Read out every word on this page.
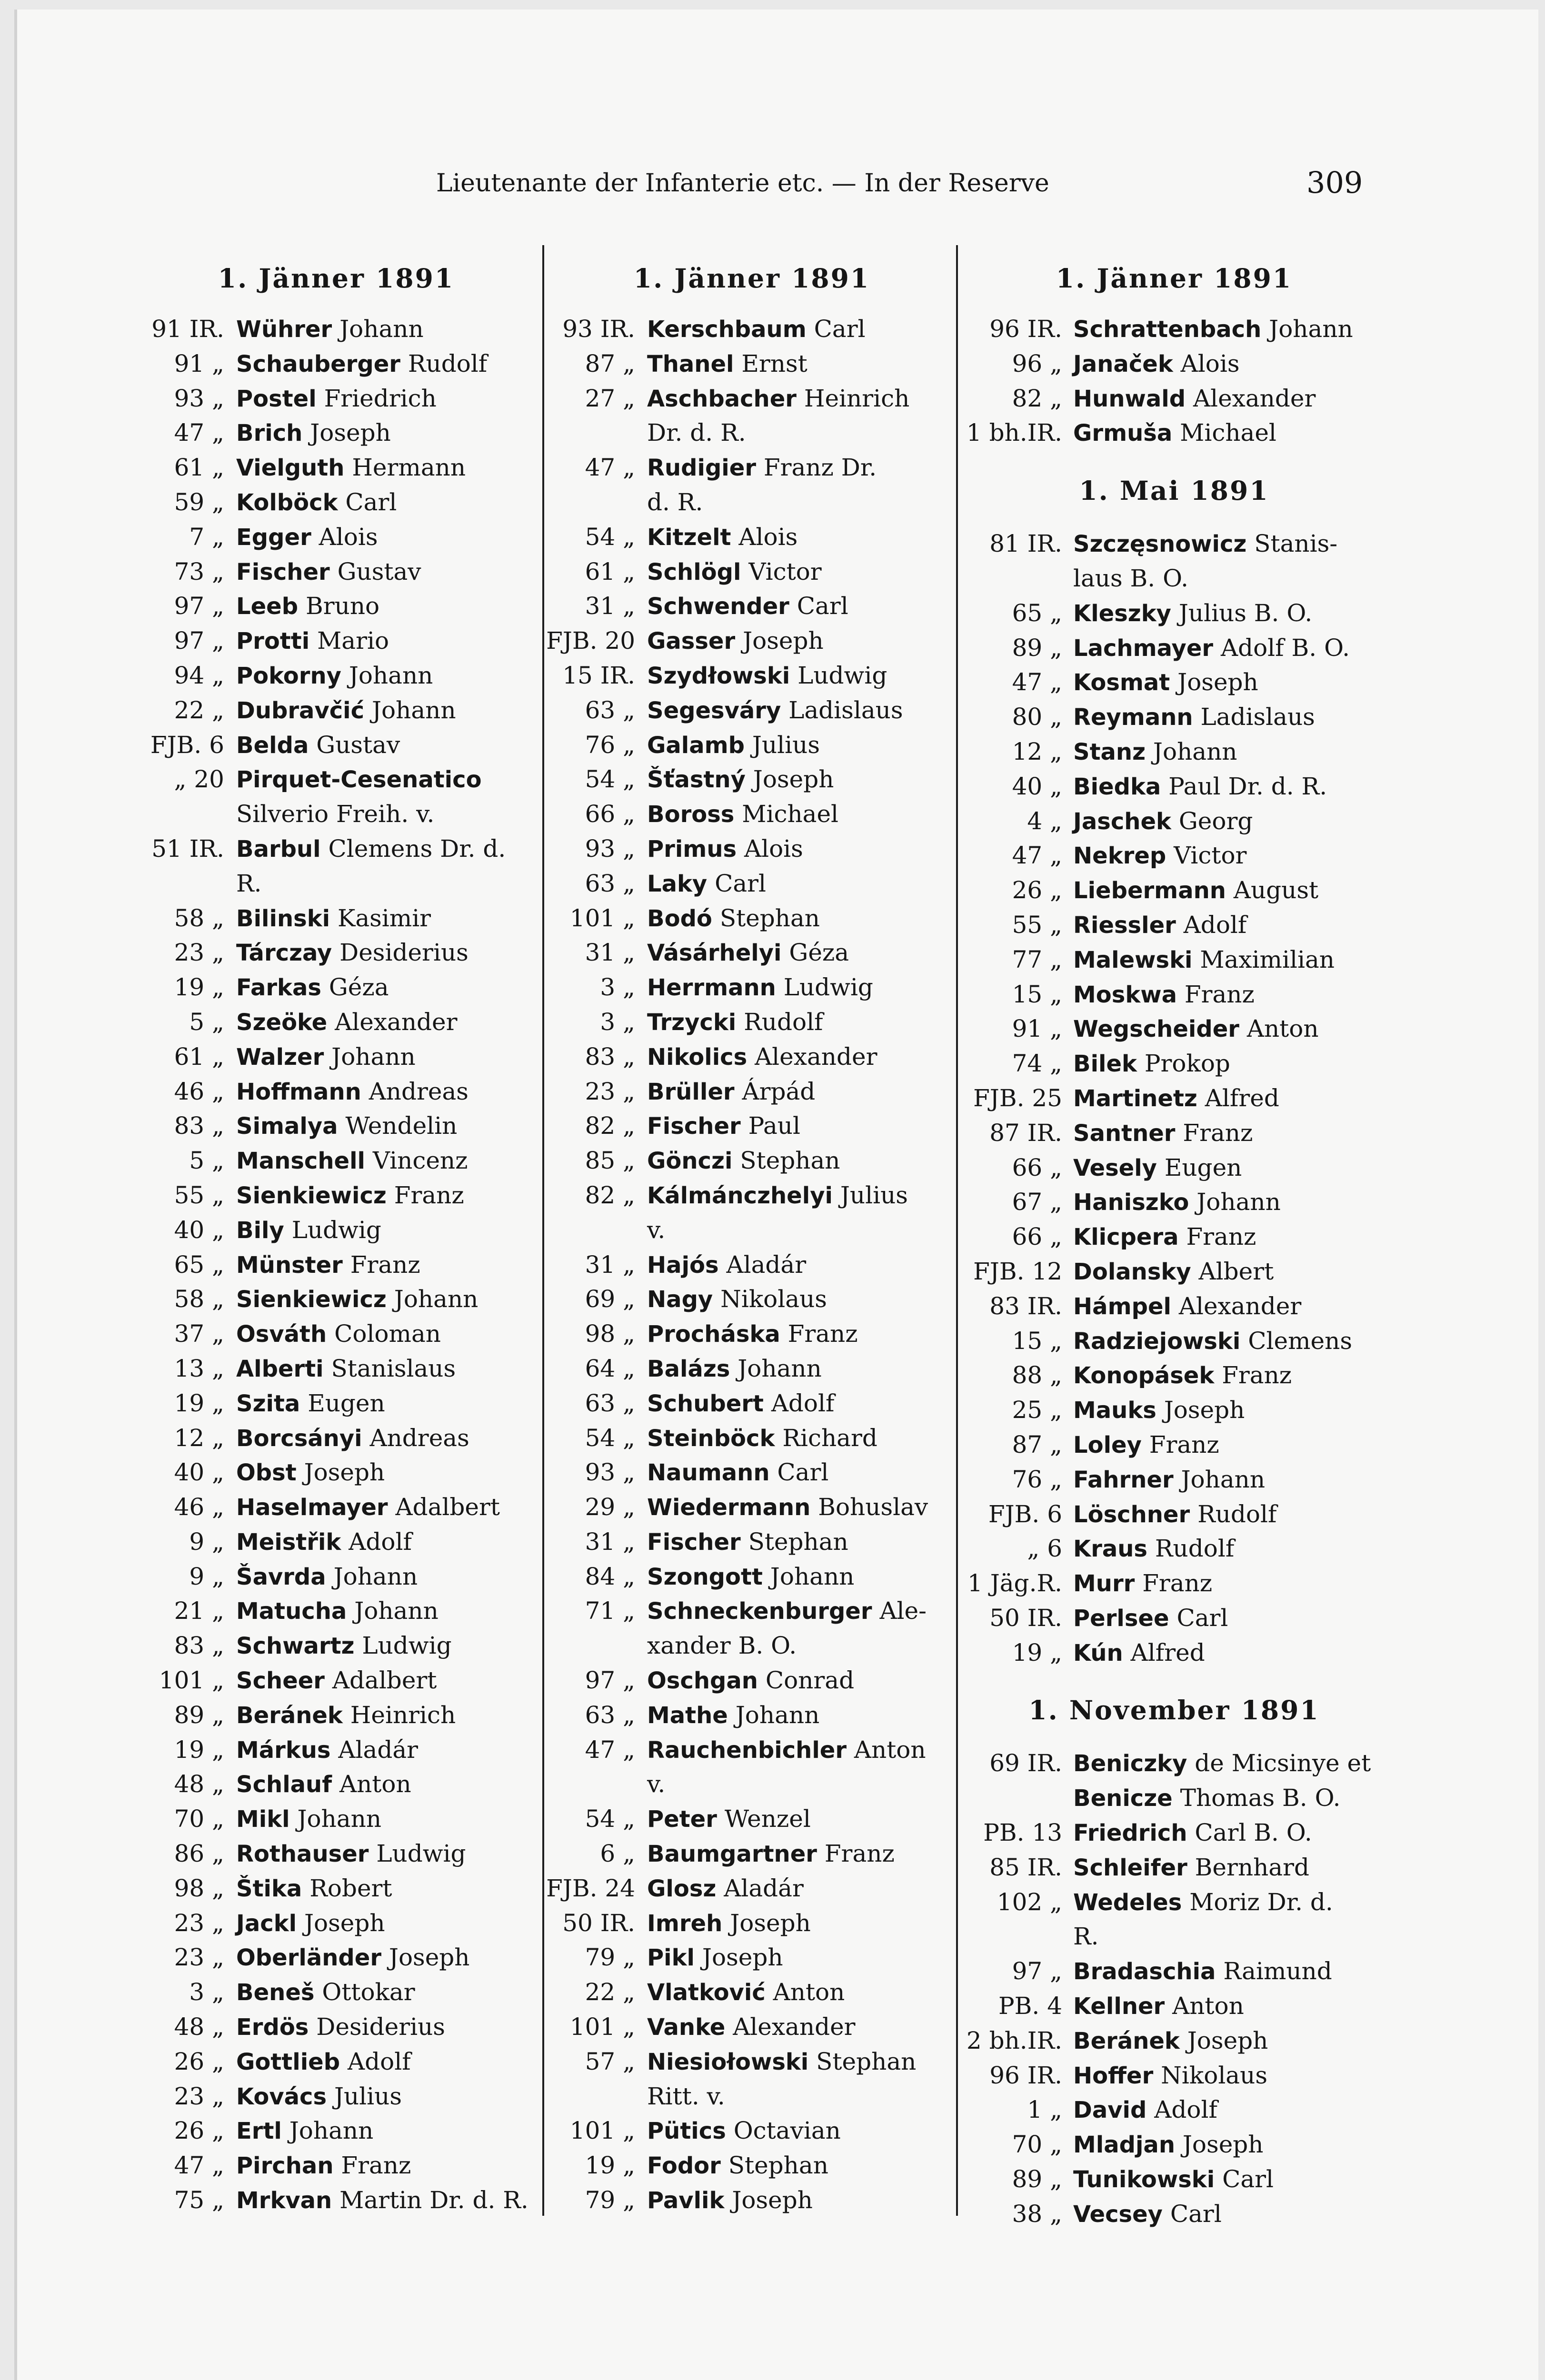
Lieutenante der Infanterie etc. — In der Reserve	309
1. Jänner 1891
91 IR. Wührer Johann
91 „ Schauberger Rudolf
93 „ Postel Friedrich
47 „ Brich Joseph
61 „ Vielguth Hermann
59 „ Kolböck Carl
7 „ Egger Alois
73 „ Fischer Gustav
97 „ Leeb Bruno
97 „ Protti Mario
94 „ Pokorny Johann
22 „ Dubravčić Johann
FJB. 6 Belda Gustav
„ 20 Pirquet-Cesenatico
Silverio Freih. v.
51 IR. Barbul Clemens Dr. d.
R.
58 „ Bilinski Kasimir
23 „ Tárczay Desiderius
19 „ Farkas Géza
5 „ Szeöke Alexander
61 „ Walzer Johann
46 „ Hoffmann Andreas
83 „ Simalya Wendelin
5 „ Manschell Vincenz
55 „ Sienkiewicz Franz
40 „ Bily Ludwig
65 „ Münster Franz
58 „ Sienkiewicz Johann
37 „ Osváth Coloman
13 „ Alberti Stanislaus
19 „ Szita Eugen
12 „ Borcsányi Andreas
40 „ Obst Joseph
46 „ Haselmayer Adalbert
9 „ Meistřik Adolf
9 „ Šavrda Johann
21 „ Matucha Johann
83 „ Schwartz Ludwig
101 „ Scheer Adalbert
89 „ Beránek Heinrich
19 „ Márkus Aladár
48 „ Schlauf Anton
70 „ Mikl Johann
86 „ Rothauser Ludwig
98 „ Štika Robert
23 „ Jackl Joseph
23 „ Oberländer Joseph
3 „ Beneš Ottokar
48 „ Erdös Desiderius
26 „ Gottlieb Adolf
23 „ Kovács Julius
26 „ Ertl Johann
47 „ Pirchan Franz
75 „ Mrkvan Martin Dr. d. R.
1. Jänner 1891
93 IR. Kerschbaum Carl
87 „ Thanel Ernst
27 „ Aschbacher Heinrich
Dr. d. R.
47 „ Rudigier Franz Dr.
d. R.
54 „ Kitzelt Alois
61 „ Schlögl Victor
31 „ Schwender Carl
FJB. 20 Gasser Joseph
15 IR. Szydłowski Ludwig
63 „ Segesváry Ladislaus
76 „ Galamb Julius
54 „ Šťastný Joseph
66 „ Boross Michael
93 „ Primus Alois
63 „ Laky Carl
101 „ Bodó Stephan
31 „ Vásárhelyi Géza
3 „ Herrmann Ludwig
3 „ Trzycki Rudolf
83 „ Nikolics Alexander
23 „ Brüller Árpád
82 „ Fischer Paul
85 „ Gönczi Stephan
82 „ Kálmánczhelyi Julius
v.
31 „ Hajós Aladár
69 „ Nagy Nikolaus
98 „ Procháska Franz
64 „ Balázs Johann
63 „ Schubert Adolf
54 „ Steinböck Richard
93 „ Naumann Carl
29 „ Wiedermann Bohuslav
31 „ Fischer Stephan
84 „ Szongott Johann
71 „ Schneckenburger Ale-
xander B. O.
97 „ Oschgan Conrad
63 „ Mathe Johann
47 „ Rauchenbichler Anton
v.
54 „ Peter Wenzel
6 „ Baumgartner Franz
FJB. 24 Glosz Aladár
50 IR. Imreh Joseph
79 „ Pikl Joseph
22 „ Vlatković Anton
101 „ Vanke Alexander
57 „ Niesiołowski Stephan
Ritt. v.
101 „ Pütics Octavian
19 „ Fodor Stephan
79 „ Pavlik Joseph
1. Jänner 1891
96 IR. Schrattenbach Johann
96 „ Janaček Alois
82 „ Hunwald Alexander
1 bh.IR. Grmuša Michael
1. Mai 1891
81 IR. Szczęsnowicz Stanis-
laus B. O.
65 „ Kleszky Julius B. O.
89 „ Lachmayer Adolf B. O.
47 „ Kosmat Joseph
80 „ Reymann Ladislaus
12 „ Stanz Johann
40 „ Biedka Paul Dr. d. R.
4 „ Jaschek Georg
47 „ Nekrep Victor
26 „ Liebermann August
55 „ Riessler Adolf
77 „ Malewski Maximilian
15 „ Moskwa Franz
91 „ Wegscheider Anton
74 „ Bilek Prokop
FJB. 25 Martinetz Alfred
87 IR. Santner Franz
66 „ Vesely Eugen
67 „ Haniszko Johann
66 „ Klicpera Franz
FJB. 12 Dolansky Albert
83 IR. Hámpel Alexander
15 „ Radziejowski Clemens
88 „ Konopásek Franz
25 „ Mauks Joseph
87 „ Loley Franz
76 „ Fahrner Johann
FJB. 6 Löschner Rudolf
„ 6 Kraus Rudolf
1 Jäg.R. Murr Franz
50 IR. Perlsee Carl
19 „ Kún Alfred
1. November 1891
69 IR. Beniczky de Micsinye et
Benicze Thomas B. O.
PB. 13 Friedrich Carl B. O.
85 IR. Schleifer Bernhard
102 „ Wedeles Moriz Dr. d.
R.
97 „ Bradaschia Raimund
PB. 4 Kellner Anton
2 bh.IR. Beránek Joseph
96 IR. Hoffer Nikolaus
1 „ David Adolf
70 „ Mladjan Joseph
89 „ Tunikowski Carl
38 „ Vecsey Carl
